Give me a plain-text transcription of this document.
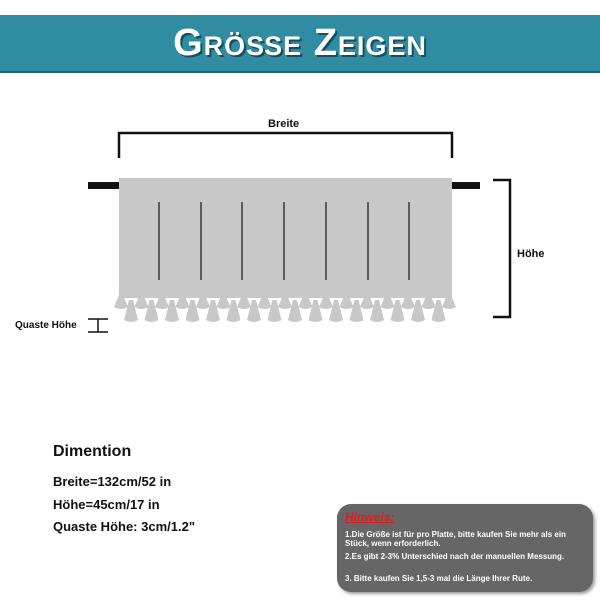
Größe Zeigen
Breite
Höhe
Quaste Höhe
Dimention
Breite=132cm/52 in
Höhe=45cm/17 in
Quaste Höhe: 3cm/1.2"
Hinweis:
1.Die Größe ist für pro Platte, bitte kaufen Sie mehr als ein Stück, wenn erforderlich.
2.Es gibt 2-3% Unterschied nach der manuellen Messung.
3. Bitte kaufen Sie 1,5-3 mal die Länge Ihrer Rute.
